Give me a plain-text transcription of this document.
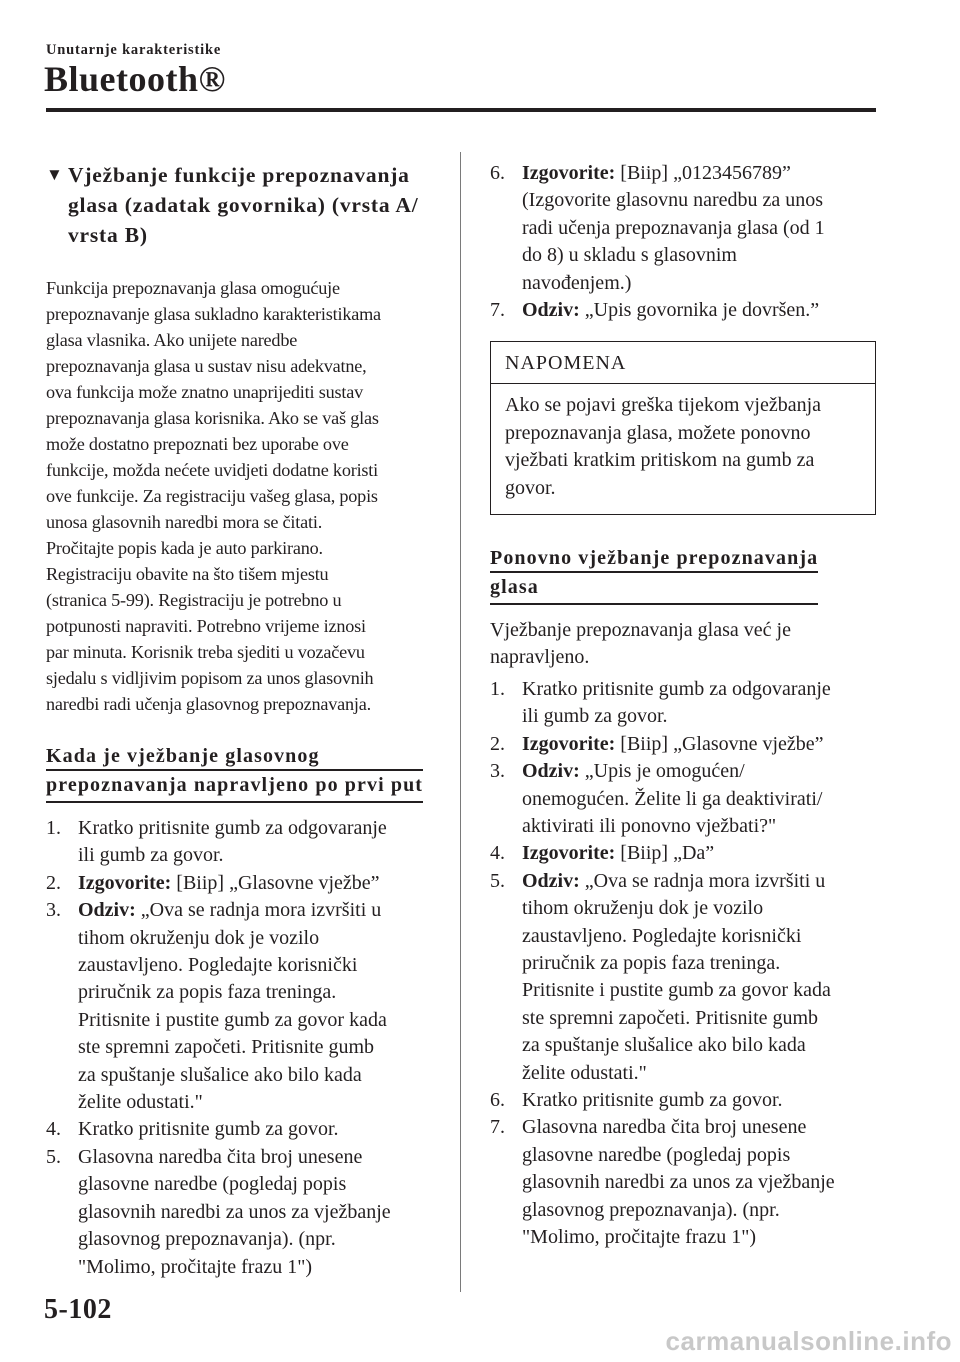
Unutarnje karakteristike
Bluetooth®
▼ Vježbanje funkcije prepoznavanja
glasa (zadatak govornika) (vrsta A/
vrsta B)

Funkcija prepoznavanja glasa omogućuje
prepoznavanje glasa sukladno karakteristikama
glasa vlasnika. Ako unijete naredbe
prepoznavanja glasa u sustav nisu adekvatne,
ova funkcija može znatno unaprijediti sustav
prepoznavanja glasa korisnika. Ako se vaš glas
može dostatno prepoznati bez uporabe ove
funkcije, možda nećete uvidjeti dodatne koristi
ove funkcije. Za registraciju vašeg glasa, popis
unosa glasovnih naredbi mora se čitati.
Pročitajte popis kada je auto parkirano.
Registraciju obavite na što tišem mjestu
(stranica 5-99). Registraciju je potrebno u
potpunosti napraviti. Potrebno vrijeme iznosi
par minuta. Korisnik treba sjediti u vozačevu
sjedalu s vidljivim popisom za unos glasovnih
naredbi radi učenja glasovnog prepoznavanja.

Kada je vježbanje glasovnog
prepoznavanja napravljeno po prvi put
1. Kratko pritisnite gumb za odgovaranje
ili gumb za govor.
2. Izgovorite: [Biip] „Glasovne vježbe”
3. Odziv: „Ova se radnja mora izvršiti u
tihom okruženju dok je vozilo
zaustavljeno. Pogledajte korisnički
priručnik za popis faza treninga.
Pritisnite i pustite gumb za govor kada
ste spremni započeti. Pritisnite gumb
za spuštanje slušalice ako bilo kada
želite odustati."
4. Kratko pritisnite gumb za govor.
5. Glasovna naredba čita broj unesene
glasovne naredbe (pogledaj popis
glasovnih naredbi za unos za vježbanje
glasovnog prepoznavanja). (npr.
"Molimo, pročitajte frazu 1")
6. Izgovorite: [Biip] „0123456789”
(Izgovorite glasovnu naredbu za unos
radi učenja prepoznavanja glasa (od 1
do 8) u skladu s glasovnim
navođenjem.)
7. Odziv: „Upis govornika je dovršen.”
NAPOMENA
Ako se pojavi greška tijekom vježbanja
prepoznavanja glasa, možete ponovno
vježbati kratkim pritiskom na gumb za
govor.
Ponovno vježbanje prepoznavanja
glasa

Vježbanje prepoznavanja glasa već je
napravljeno.

1. Kratko pritisnite gumb za odgovaranje
ili gumb za govor.
2. Izgovorite: [Biip] „Glasovne vježbe”
3. Odziv: „Upis je omogućen/
onemogućen. Želite li ga deaktivirati/
aktivirati ili ponovno vježbati?"
4. Izgovorite: [Biip] „Da”
5. Odziv: „Ova se radnja mora izvršiti u
tihom okruženju dok je vozilo
zaustavljeno. Pogledajte korisnički
priručnik za popis faza treninga.
Pritisnite i pustite gumb za govor kada
ste spremni započeti. Pritisnite gumb
za spuštanje slušalice ako bilo kada
želite odustati."
6. Kratko pritisnite gumb za govor.
7. Glasovna naredba čita broj unesene
glasovne naredbe (pogledaj popis
glasovnih naredbi za unos za vježbanje
glasovnog prepoznavanja). (npr.
"Molimo, pročitajte frazu 1")
5-102
carmanualsonline.info
